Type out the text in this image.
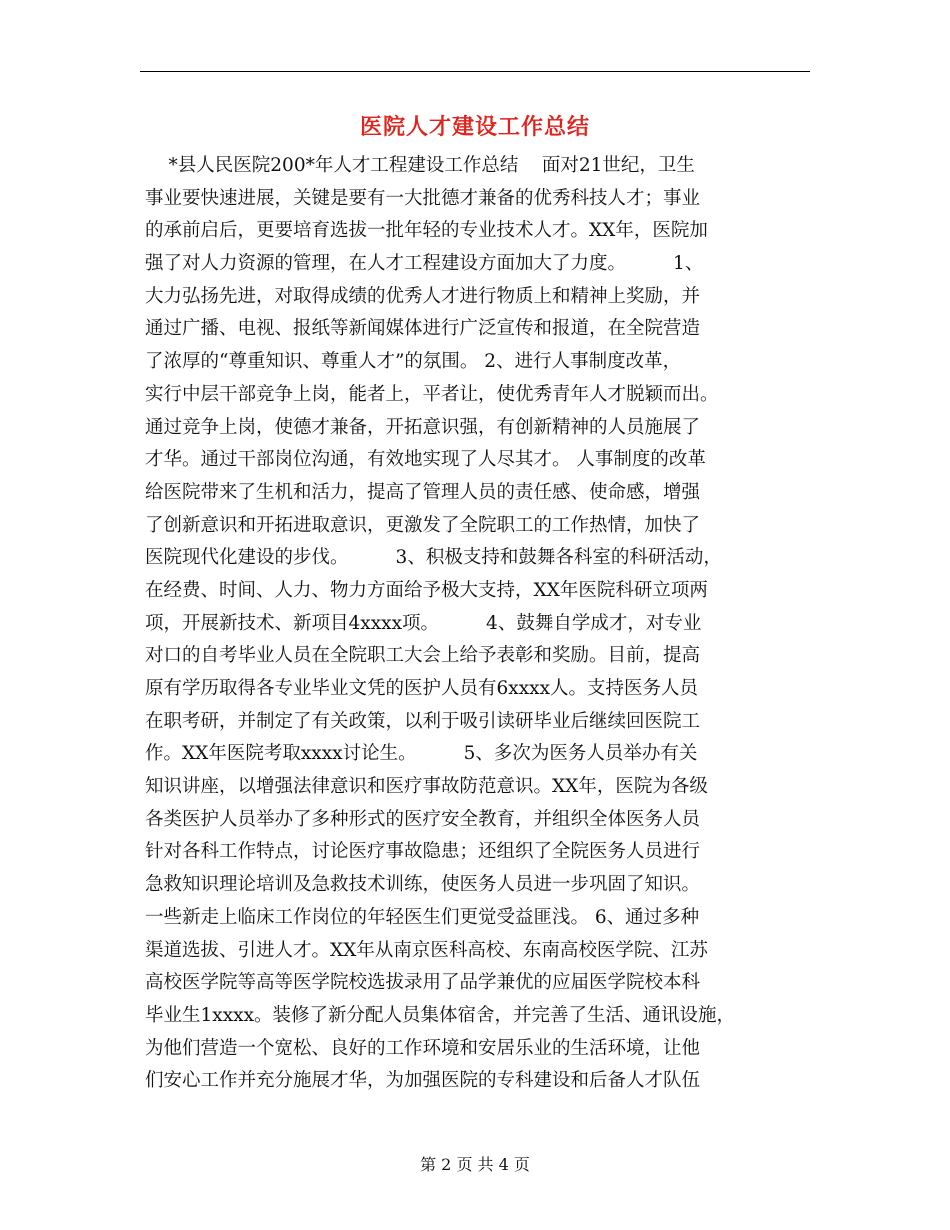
医院人才建设工作总结
*县人民医院200*年人才工程建设工作总结    面对21世纪，卫生
事业要快速进展，关键是要有一大批德才兼备的优秀科技人才；事业
的承前启后，更要培育选拔一批年轻的专业技术人才。XX年，医院加
强了对人力资源的管理，在人才工程建设方面加大了力度。        1、
大力弘扬先进，对取得成绩的优秀人才进行物质上和精神上奖励，并
通过广播、电视、报纸等新闻媒体进行广泛宣传和报道，在全院营造
了浓厚的“尊重知识、尊重人才”的氛围。 2、进行人事制度改革，
实行中层干部竞争上岗，能者上，平者让，使优秀青年人才脱颖而出。
通过竞争上岗，使德才兼备，开拓意识强，有创新精神的人员施展了
才华。通过干部岗位沟通，有效地实现了人尽其才。 人事制度的改革
给医院带来了生机和活力，提高了管理人员的责任感、使命感，增强
了创新意识和开拓进取意识，更激发了全院职工的工作热情，加快了
医院现代化建设的步伐。        3、积极支持和鼓舞各科室的科研活动，
在经费、时间、人力、物力方面给予极大支持，XX年医院科研立项两
项，开展新技术、新项目4xxxx项。        4、鼓舞自学成才，对专业
对口的自考毕业人员在全院职工大会上给予表彰和奖励。目前，提高
原有学历取得各专业毕业文凭的医护人员有6xxxx人。支持医务人员
在职考研，并制定了有关政策，以利于吸引读研毕业后继续回医院工
作。XX年医院考取xxxx讨论生。        5、多次为医务人员举办有关
知识讲座，以增强法律意识和医疗事故防范意识。XX年，医院为各级
各类医护人员举办了多种形式的医疗安全教育，并组织全体医务人员
针对各科工作特点，讨论医疗事故隐患；还组织了全院医务人员进行
急救知识理论培训及急救技术训练，使医务人员进一步巩固了知识。
一些新走上临床工作岗位的年轻医生们更觉受益匪浅。 6、通过多种
渠道选拔、引进人才。XX年从南京医科高校、东南高校医学院、江苏
高校医学院等高等医学院校选拔录用了品学兼优的应届医学院校本科
毕业生1xxxx。装修了新分配人员集体宿舍，并完善了生活、通讯设施，
为他们营造一个宽松、良好的工作环境和安居乐业的生活环境，让他
们安心工作并充分施展才华，为加强医院的专科建设和后备人才队伍
第 2 页 共 4 页
